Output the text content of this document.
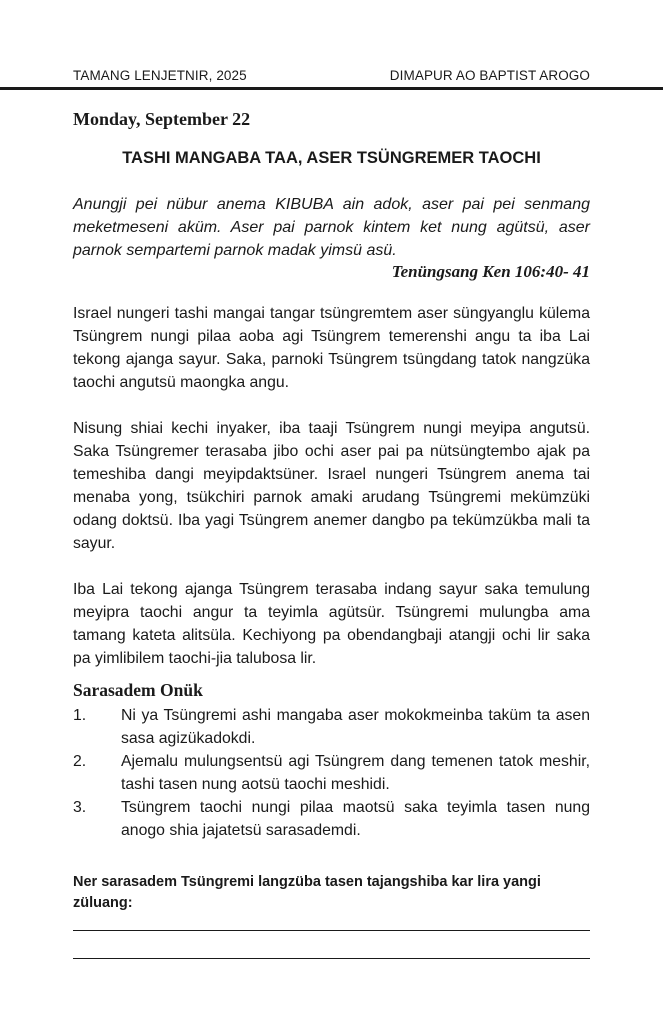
TAMANG LENJETNIR, 2025	DIMAPUR AO BAPTIST AROGO
Monday, September 22
TASHI MANGABA TAA, ASER TSÜNGREMER TAOCHI
Anungji pei nübur anema KIBUBA ain adok, aser pai pei senmang meketmeseni aküm. Aser pai parnok kintem ket nung agütsü, aser parnok sempartemi parnok madak yimsü asü.
Tenüngsang Ken 106:40- 41

Israel nungeri tashi mangai tangar tsüngremtem aser süngyanglu külema Tsüngrem nungi pilaa aoba agi Tsüngrem temerenshi angu ta iba Lai tekong ajanga sayur. Saka, parnoki Tsüngrem tsüngdang tatok nangzüka taochi angutsü maongka angu.

Nisung shiai kechi inyaker, iba taaji Tsüngrem nungi meyipa angutsü. Saka Tsüngremer terasaba jibo ochi aser pai pa nütsüngtembo ajak pa temeshiba dangi meyipdaktsüner. Israel nungeri Tsüngrem anema tai menaba yong, tsükchiri parnok amaki arudang Tsüngremi mekümzüki odang doktsü. Iba yagi Tsüngrem anemer dangbo pa tekümzükba mali ta sayur.

Iba Lai tekong ajanga Tsüngrem terasaba indang sayur saka temulung meyipra taochi angur ta teyimla agütsür. Tsüngremi mulungba ama tamang kateta alitsüla. Kechiyong pa obendangbaji atangji ochi lir saka pa yimlibilem taochi-jia talubosa lir.

Sarasadem Onük
1. Ni ya Tsüngremi ashi mangaba aser mokokmeinba taküm ta asen sasa agizükadokdi.
2. Ajemalu mulungsentsü agi Tsüngrem dang temenen tatok meshir, tashi tasen nung aotsü taochi meshidi.
3. Tsüngrem taochi nungi pilaa maotsü saka teyimla tasen nung anogo shia jajatetsü sarasademdi.
Ner sarasadem Tsüngremi langzüba tasen tajangshiba kar lira yangi züluang:
